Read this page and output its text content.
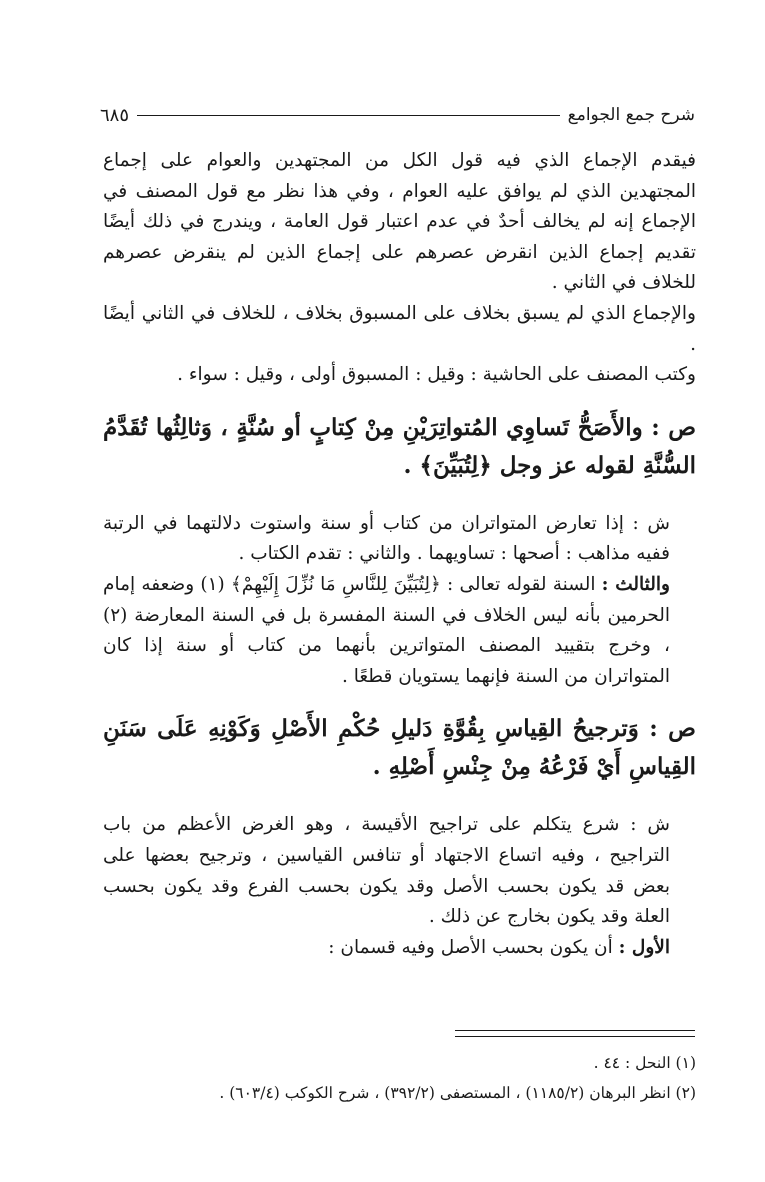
شرح جمع الجوامع
٦٨٥

فيقدم الإجماع الذي فيه قول الكل من المجتهدين والعوام على إجماع المجتهدين الذي لم يوافق عليه العوام ، وفي هذا نظر مع قول المصنف في الإجماع إنه لم يخالف أحدٌ في عدم اعتبار قول العامة ، ويندرج في ذلك أيضًا تقديم إجماع الذين انقرض عصرهم على إجماع الذين لم ينقرض عصرهم للخلاف في الثاني .

والإجماع الذي لم يسبق بخلاف على المسبوق بخلاف ، للخلاف في الثاني أيضًا .

وكتب المصنف على الحاشية : وقيل : المسبوق أولى ، وقيل : سواء .

ص : والأَصَحُّ تَساوِي المُتواتِرَيْنِ مِنْ كِتابٍ أو سُنَّةٍ ، وَثالِثُها تُقَدَّمُ السُّنَّةِ لقوله عز وجل ﴿لِتُبَيِّنَ﴾ .

ش : إذا تعارض المتواتران من كتاب أو سنة واستوت دلالتهما في الرتبة ففيه مذاهب : أصحها : تساويهما . والثاني : تقدم الكتاب .

والثالث : السنة لقوله تعالى : ﴿لِتُبَيِّنَ لِلنَّاسِ مَا نُزِّلَ إِلَيْهِمْ﴾ (١) وضعفه إمام الحرمين بأنه ليس الخلاف في السنة المفسرة بل في السنة المعارضة (٢) ، وخرج بتقييد المصنف المتواترين بأنهما من كتاب أو سنة إذا كان المتواتران من السنة فإنهما يستويان قطعًا .

ص : وَترجيحُ القِياسِ بِقُوَّةِ دَليلِ حُكْمِ الأَصْلِ وَكَوْنِهِ عَلَى سَنَنِ القِياسِ أَيْ فَرْعُهُ مِنْ جِنْسِ أَصْلِهِ .

ش : شرع يتكلم على تراجيح الأقيسة ، وهو الغرض الأعظم من باب التراجيح ، وفيه اتساع الاجتهاد أو تنافس القياسين ، وترجيح بعضها على بعض قد يكون بحسب الأصل وقد يكون بحسب الفرع وقد يكون بحسب العلة وقد يكون بخارج عن ذلك .

الأول : أن يكون بحسب الأصل وفيه قسمان :

(١) النحل : ٤٤ .

(٢) انظر البرهان (١١٨٥/٢) ، المستصفى (٣٩٢/٢) ، شرح الكوكب (٦٠٣/٤) .
